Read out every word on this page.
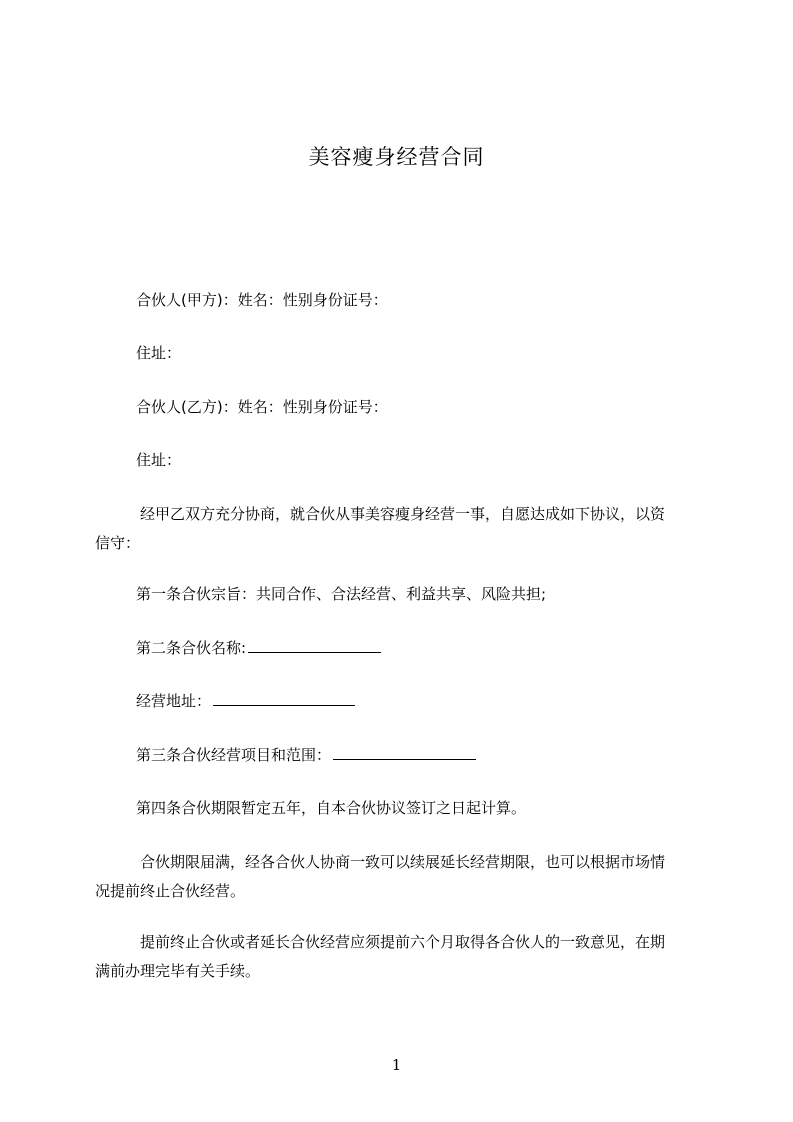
美容瘦身经营合同
合伙人(甲方)：姓名：性别身份证号：
住址：
合伙人(乙方)：姓名：性别身份证号：
住址：
经甲乙双方充分协商，就合伙从事美容瘦身经营一事，自愿达成如下协议，以资
信守：
第一条合伙宗旨：共同合作、合法经营、利益共享、风险共担;
第二条合伙名称:
经营地址：
第三条合伙经营项目和范围：
第四条合伙期限暂定五年，自本合伙协议签订之日起计算。
合伙期限届满，经各合伙人协商一致可以续展延长经营期限，也可以根据市场情
况提前终止合伙经营。
提前终止合伙或者延长合伙经营应须提前六个月取得各合伙人的一致意见，在期
满前办理完毕有关手续。
1
